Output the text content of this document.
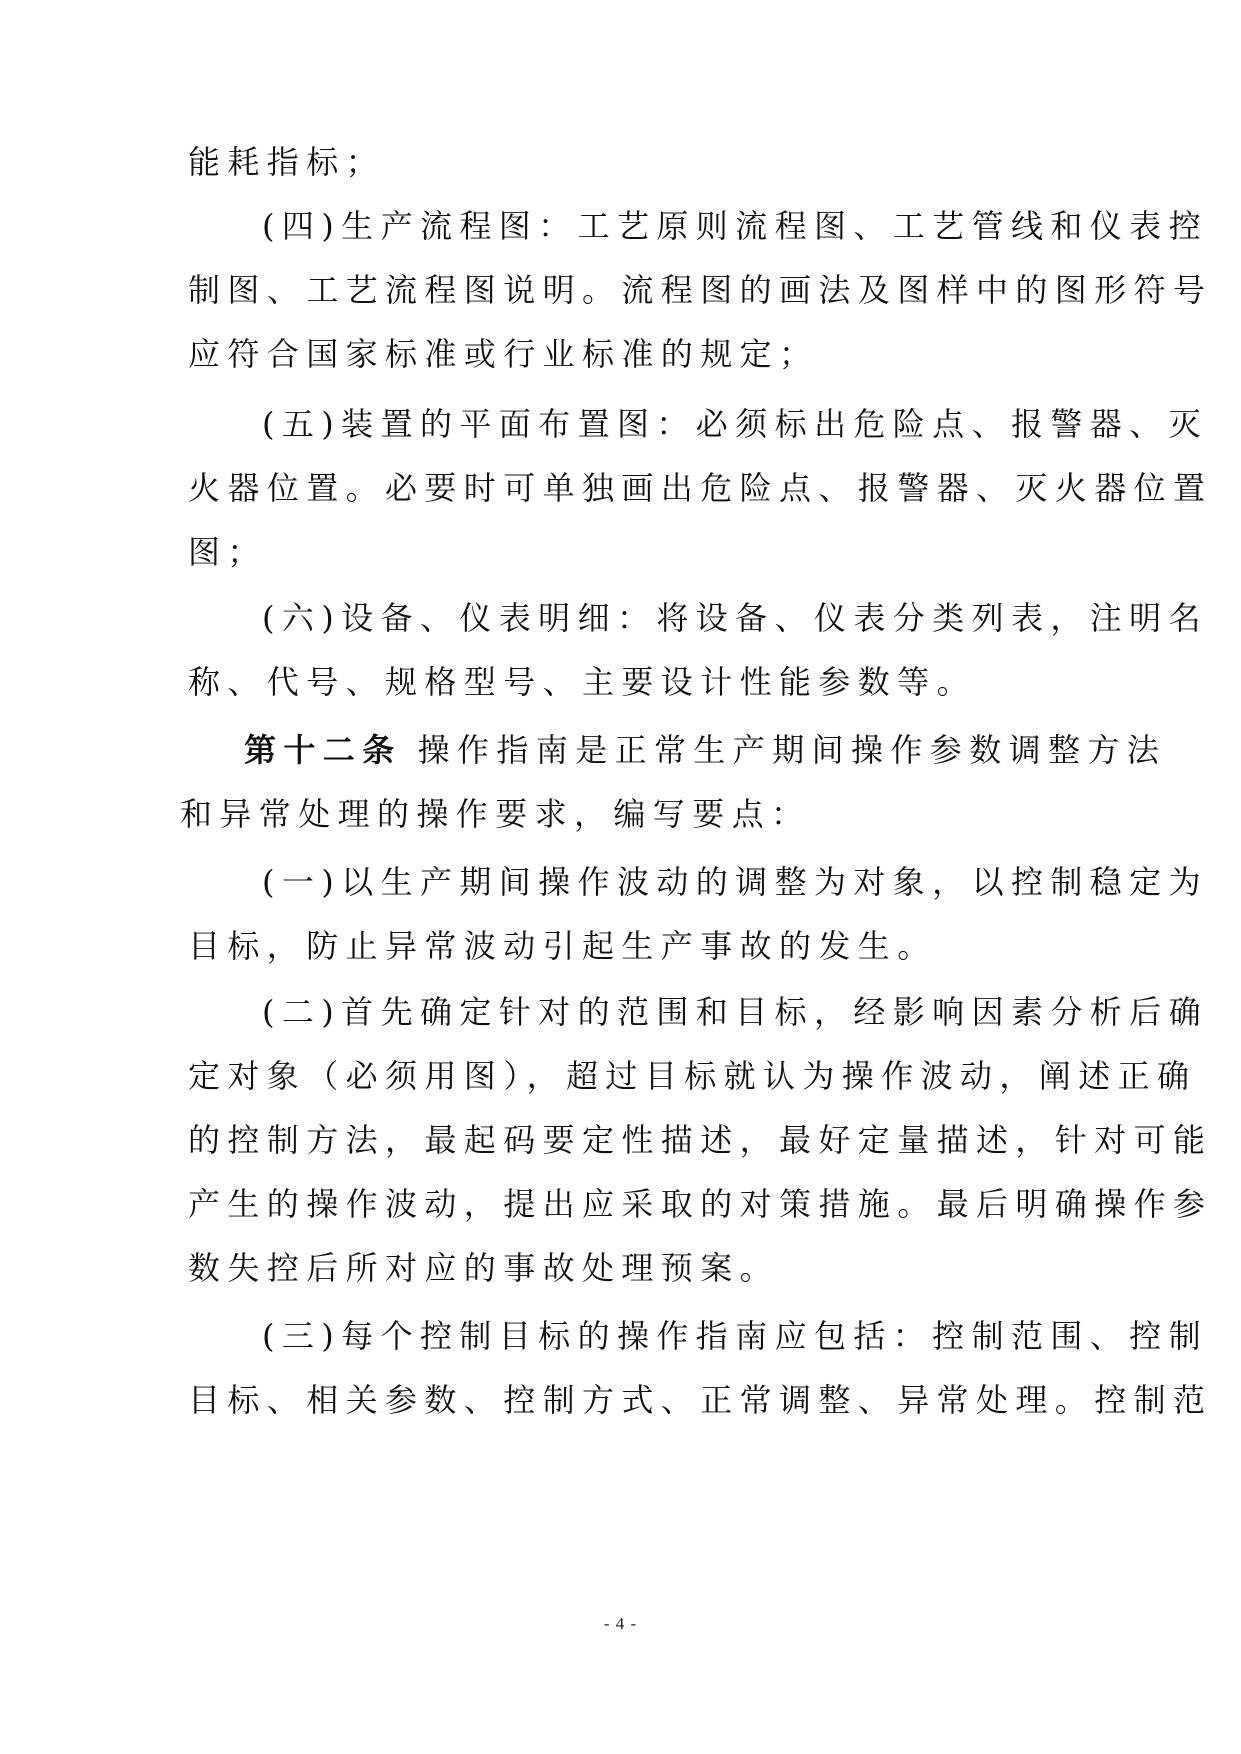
能耗指标；
(四)生产流程图：工艺原则流程图、工艺管线和仪表控
制图、工艺流程图说明。流程图的画法及图样中的图形符号
应符合国家标准或行业标准的规定；
(五)装置的平面布置图：必须标出危险点、报警器、灭
火器位置。必要时可单独画出危险点、报警器、灭火器位置
图；
(六)设备、仪表明细：将设备、仪表分类列表，注明名
称、代号、规格型号、主要设计性能参数等。
第十二条 操作指南是正常生产期间操作参数调整方法
和异常处理的操作要求，编写要点：
(一)以生产期间操作波动的调整为对象，以控制稳定为
目标，防止异常波动引起生产事故的发生。
(二)首先确定针对的范围和目标，经影响因素分析后确
定对象（必须用图），超过目标就认为操作波动，阐述正确
的控制方法，最起码要定性描述，最好定量描述，针对可能
产生的操作波动，提出应采取的对策措施。最后明确操作参
数失控后所对应的事故处理预案。
(三)每个控制目标的操作指南应包括：控制范围、控制
目标、相关参数、控制方式、正常调整、异常处理。控制范
- 4 -
